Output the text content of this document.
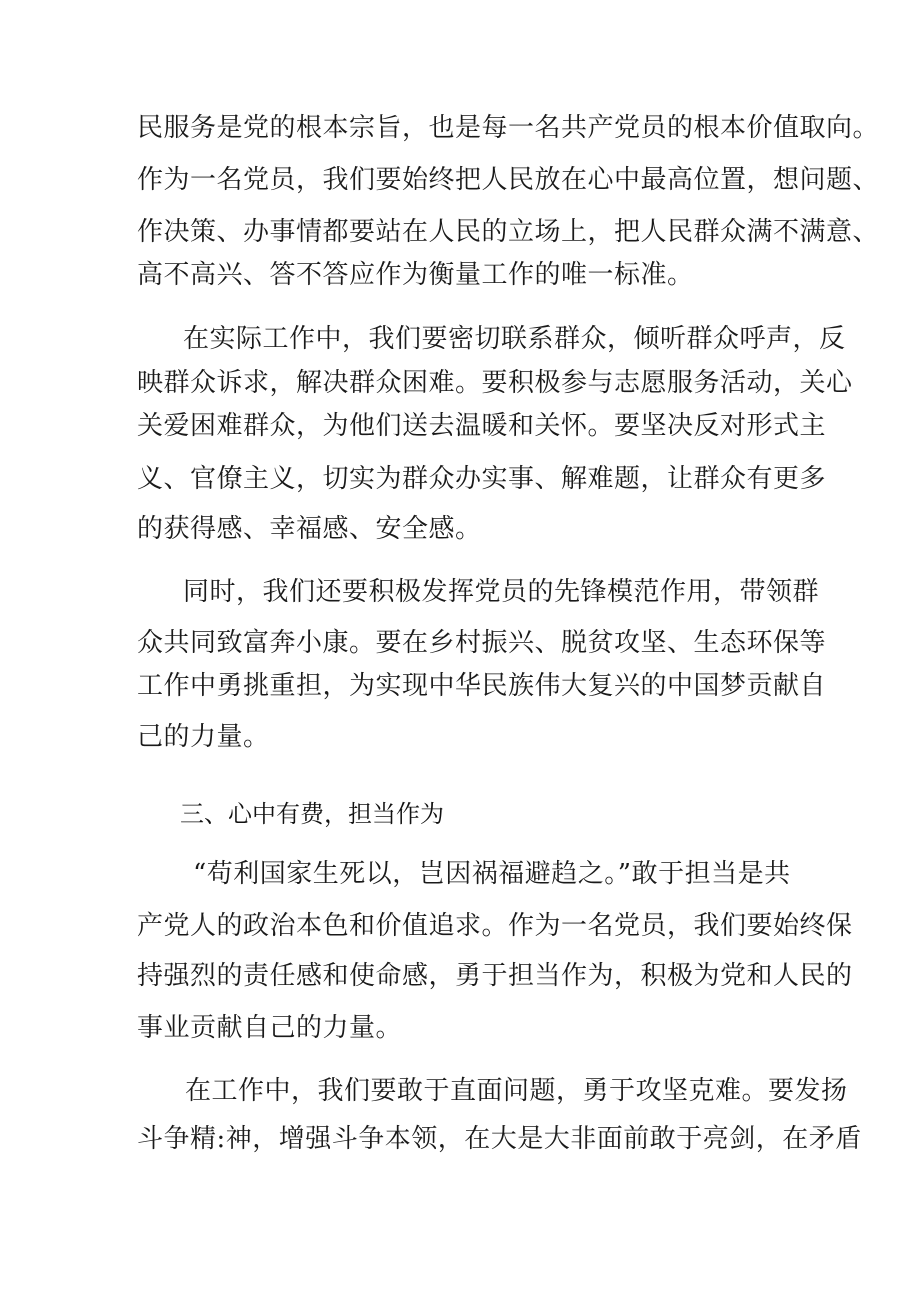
民服务是党的根本宗旨，也是每一名共产党员的根本价值取向。
作为一名党员，我们要始终把人民放在心中最高位置，想问题、
作决策、办事情都要站在人民的立场上，把人民群众满不满意、
高不高兴、答不答应作为衡量工作的唯一标准。
在实际工作中，我们要密切联系群众，倾听群众呼声，反
映群众诉求，解决群众困难。要积极参与志愿服务活动，关心
关爱困难群众，为他们送去温暖和关怀。要坚决反对形式主
义、官僚主义，切实为群众办实事、解难题，让群众有更多
的获得感、幸福感、安全感。
同时，我们还要积极发挥党员的先锋模范作用，带领群
众共同致富奔小康。要在乡村振兴、脱贫攻坚、生态环保等
工作中勇挑重担，为实现中华民族伟大复兴的中国梦贡献自
己的力量。
三、心中有费，担当作为
“苟利国家生死以，岂因祸福避趋之。”敢于担当是共
产党人的政治本色和价值追求。作为一名党员，我们要始终保
持强烈的责任感和使命感，勇于担当作为，积极为党和人民的
事业贡献自己的力量。
在工作中，我们要敢于直面问题，勇于攻坚克难。要发扬
斗争精:神，增强斗争本领，在大是大非面前敢于亮剑，在矛盾
